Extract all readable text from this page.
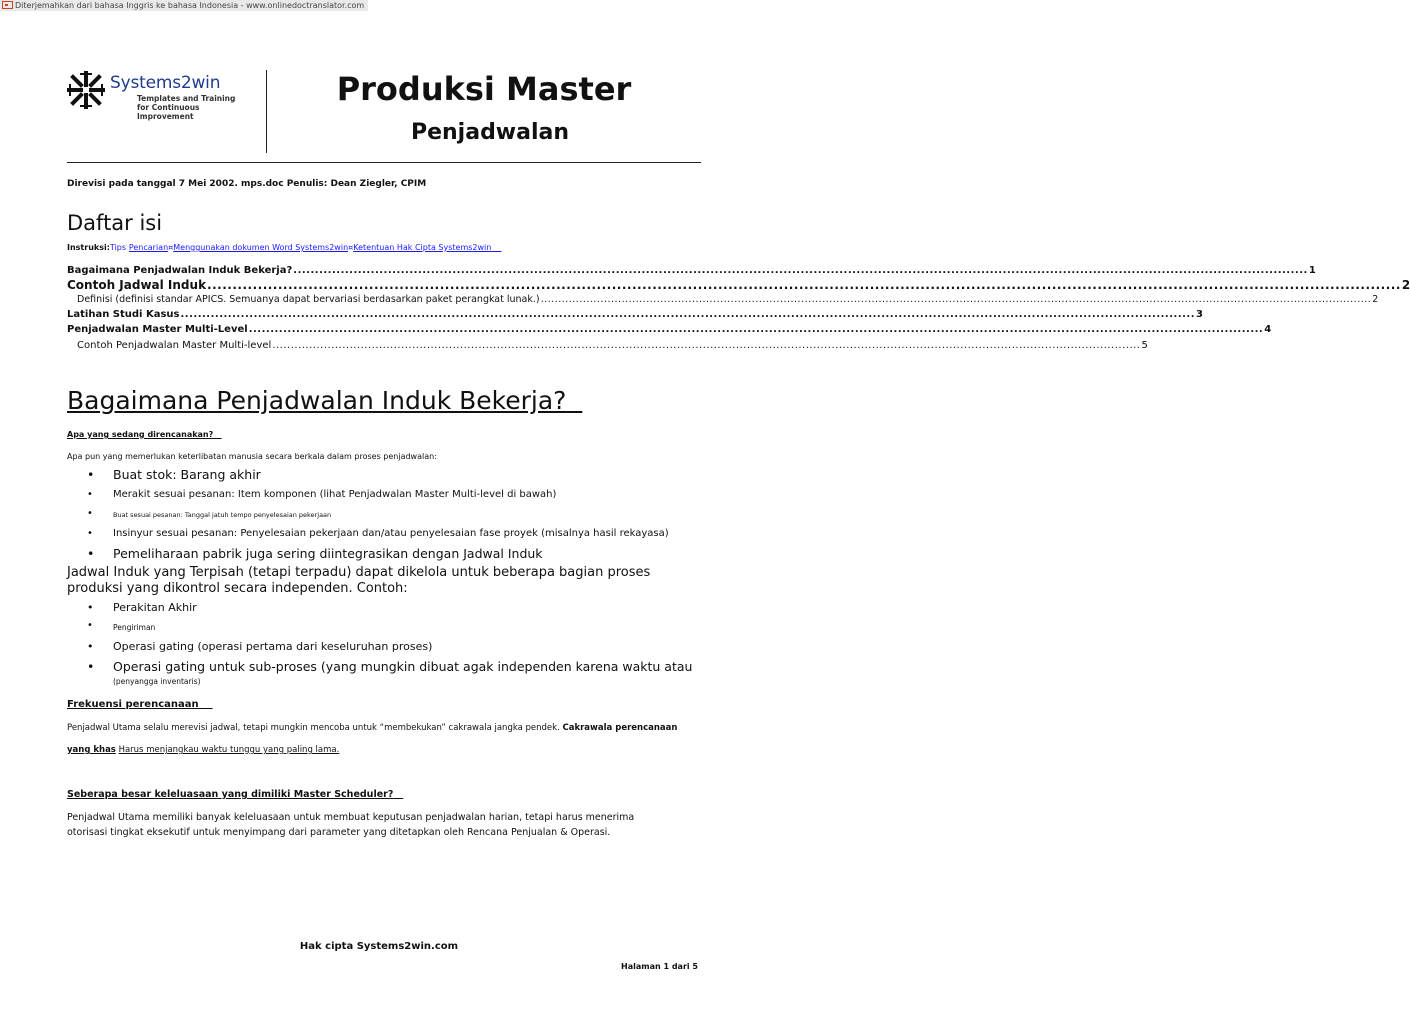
Diterjemahkan dari bahasa Inggris ke bahasa Indonesia - www.onlinedoctranslator.com
Systems2win
Templates and Training
for Continuous Improvement
Produksi Master
Penjadwalan
Direvisi pada tanggal 7 Mei 2002. mps.doc Penulis: Dean Ziegler, CPIM
Daftar isi
Instruksi:Tips Pencarian¤Menggunakan dokumen Word Systems2win¤Ketentuan Hak Cipta Systems2win
Bagaimana Penjadwalan Induk Bekerja? ............................................................................................................................................................................................................................................ 1
Contoh Jadwal Induk ............................................................................................................................................................................................................................................ 2
Definisi (definisi standar APICS. Semuanya dapat bervariasi berdasarkan paket perangkat lunak.) ............................................................................................................................................................................................................................................ 2
Latihan Studi Kasus ............................................................................................................................................................................................................................................ 3
Penjadwalan Master Multi-Level ............................................................................................................................................................................................................................................ 4
Contoh Penjadwalan Master Multi-level ............................................................................................................................................................................................................................................ 5
Bagaimana Penjadwalan Induk Bekerja?
Apa yang sedang direncanakan?
Apa pun yang memerlukan keterlibatan manusia secara berkala dalam proses penjadwalan:
• Buat stok: Barang akhir
• Merakit sesuai pesanan: Item komponen (lihat Penjadwalan Master Multi-level di bawah)
•	Buat sesuai pesanan: Tanggal jatuh tempo penyelesaian pekerjaan
• Insinyur sesuai pesanan: Penyelesaian pekerjaan dan/atau penyelesaian fase proyek (misalnya hasil rekayasa)
• Pemeliharaan pabrik juga sering diintegrasikan dengan Jadwal Induk
Jadwal Induk yang Terpisah (tetapi terpadu) dapat dikelola untuk beberapa bagian proses produksi yang dikontrol secara independen. Contoh:
• Perakitan Akhir
•	Pengiriman
• Operasi gating (operasi pertama dari keseluruhan proses)
• Operasi gating untuk sub-proses (yang mungkin dibuat agak independen karena waktu atau
(penyangga inventaris)
Frekuensi perencanaan
Penjadwal Utama selalu merevisi jadwal, tetapi mungkin mencoba untuk “membekukan” cakrawala jangka pendek. Cakrawala perencanaan
yang khas Harus menjangkau waktu tunggu yang paling lama.
Seberapa besar keleluasaan yang dimiliki Master Scheduler?
Penjadwal Utama memiliki banyak keleluasaan untuk membuat keputusan penjadwalan harian, tetapi harus menerima otorisasi tingkat eksekutif untuk menyimpang dari parameter yang ditetapkan oleh Rencana Penjualan & Operasi.
Hak cipta Systems2win.com
Halaman 1 dari 5
